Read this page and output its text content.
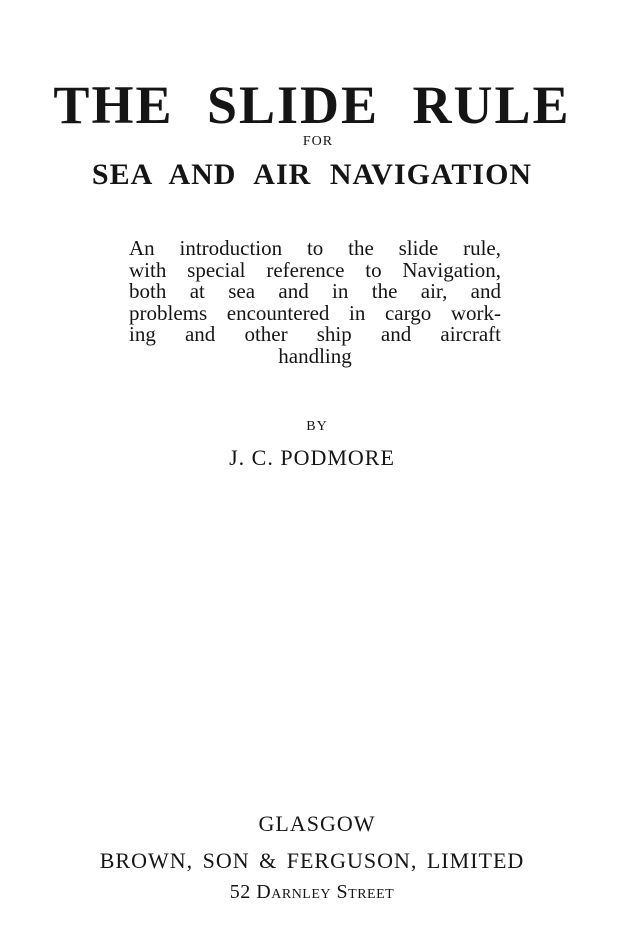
THE SLIDE RULE
FOR
SEA AND AIR NAVIGATION
An introduction to the slide rule,
with special reference to Navigation,
both at sea and in the air, and
problems encountered in cargo work-
ing and other ship and aircraft
handling
BY
J. C. PODMORE
GLASGOW
BROWN, SON & FERGUSON, LIMITED
52 Darnley Street
